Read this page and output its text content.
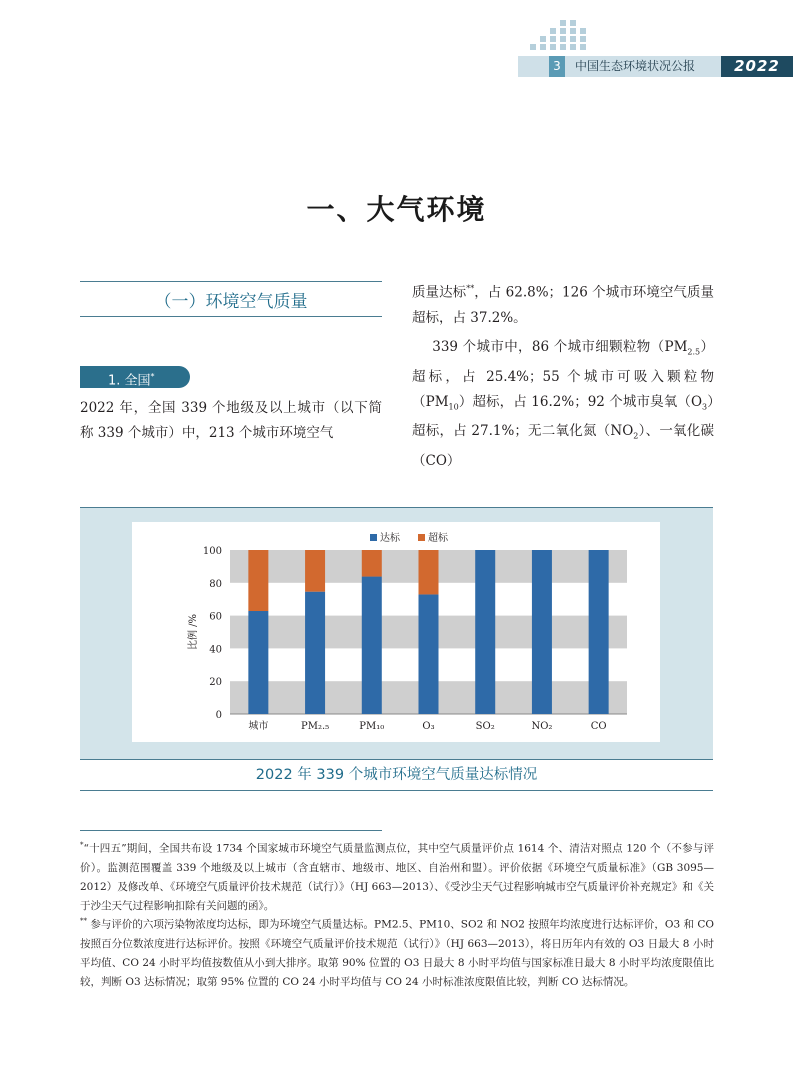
3	中国生态环境状况公报	2022
一、大气环境
（一）环境空气质量
1. 全国*

2022 年，全国 339 个地级及以上城市（以下简称 339 个城市）中，213 个城市环境空气

质量达标**，占 62.8%；126 个城市环境空气质量超标，占 37.2%。

  339 个城市中，86 个城市细颗粒物$(PM_{2.5})$超标，占 25.4%；55 个城市可吸入颗粒物$(PM_{10})$超标，占 16.2%；92 个城市臭氧$(O_3)$超标，占 27.1%；无二氧化氮$(NO_2)$、一氧化碳（CO）

0
20
40
60
80
100
比例 /%
城市	PM₂.₅	PM₁₀	O₃	SO₂	NO₂	CO
达标	超标
2022 年 339 个城市环境空气质量达标情况

*“十四五”期间，全国共布设 1734 个国家城市环境空气质量监测点位，其中空气质量评价点 1614 个、清洁对照点 120 个（不参与评价）。监测范围覆盖 339 个地级及以上城市（含直辖市、地级市、地区、自治州和盟）。评价依据《环境空气质量标准》（GB 3095—2012）及修改单、《环境空气质量评价技术规范（试行）》（HJ 663—2013）、《受沙尘天气过程影响城市空气质量评价补充规定》和《关于沙尘天气过程影响扣除有关问题的函》。

** 参与评价的六项污染物浓度均达标，即为环境空气质量达标。PM2.5、PM10、SO2 和 NO2 按照年均浓度进行达标评价，O3 和 CO 按照百分位数浓度进行达标评价。按照《环境空气质量评价技术规范（试行）》（HJ 663—2013），将日历年内有效的 O3 日最大 8 小时平均值、CO 24 小时平均值按数值从小到大排序。取第 90% 位置的 O3 日最大 8 小时平均值与国家标准日最大 8 小时平均浓度限值比较，判断 O3 达标情况；取第 95% 位置的 CO 24 小时平均值与 CO 24 小时标准浓度限值比较，判断 CO 达标情况。
